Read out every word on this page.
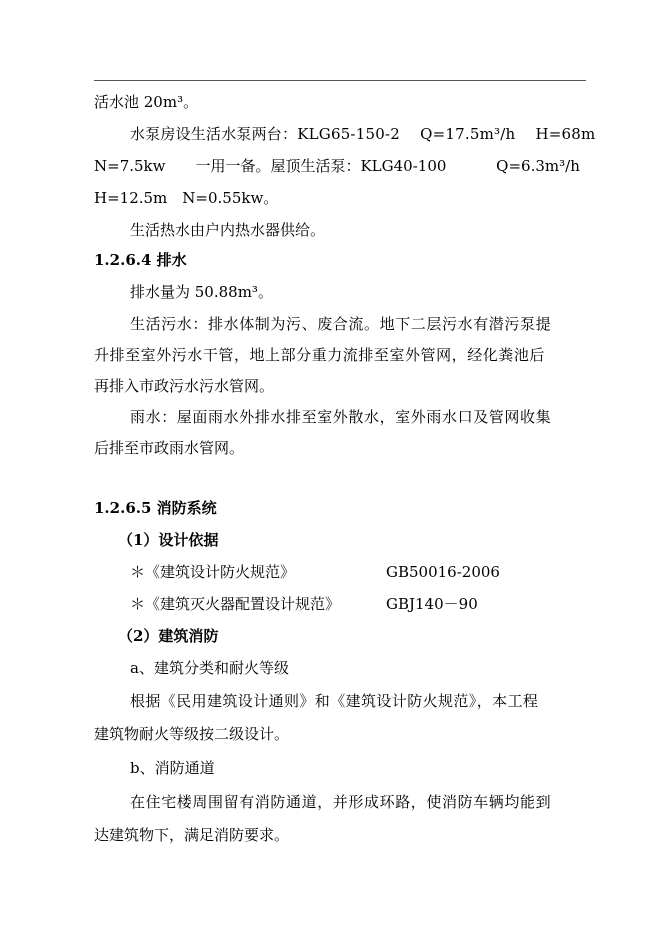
活水池 20m³。
水泵房设生活水泵两台：KLG65-150-2　 Q=17.5m³/h　 H=68m
N=7.5kw　　一用一备。屋顶生活泵：KLG40-100　　　 Q=6.3m³/h
H=12.5m　N=0.55kw。
生活热水由户内热水器供给。
1.2.6.4 排水
排水量为 50.88m³。
生活污水：排水体制为污、废合流。地下二层污水有潜污泵提
升排至室外污水干管，地上部分重力流排至室外管网，经化粪池后
再排入市政污水污水管网。
雨水：屋面雨水外排水排至室外散水，室外雨水口及管网收集
后排至市政雨水管网。
1.2.6.5 消防系统
（1）设计依据
＊《建筑设计防火规范》	GB50016-2006
＊《建筑灭火器配置设计规范》	GBJ140－90
（2）建筑消防
a、建筑分类和耐火等级
根据《民用建筑设计通则》和《建筑设计防火规范》，本工程
建筑物耐火等级按二级设计。
b、消防通道
在住宅楼周围留有消防通道，并形成环路，使消防车辆均能到
达建筑物下，满足消防要求。
